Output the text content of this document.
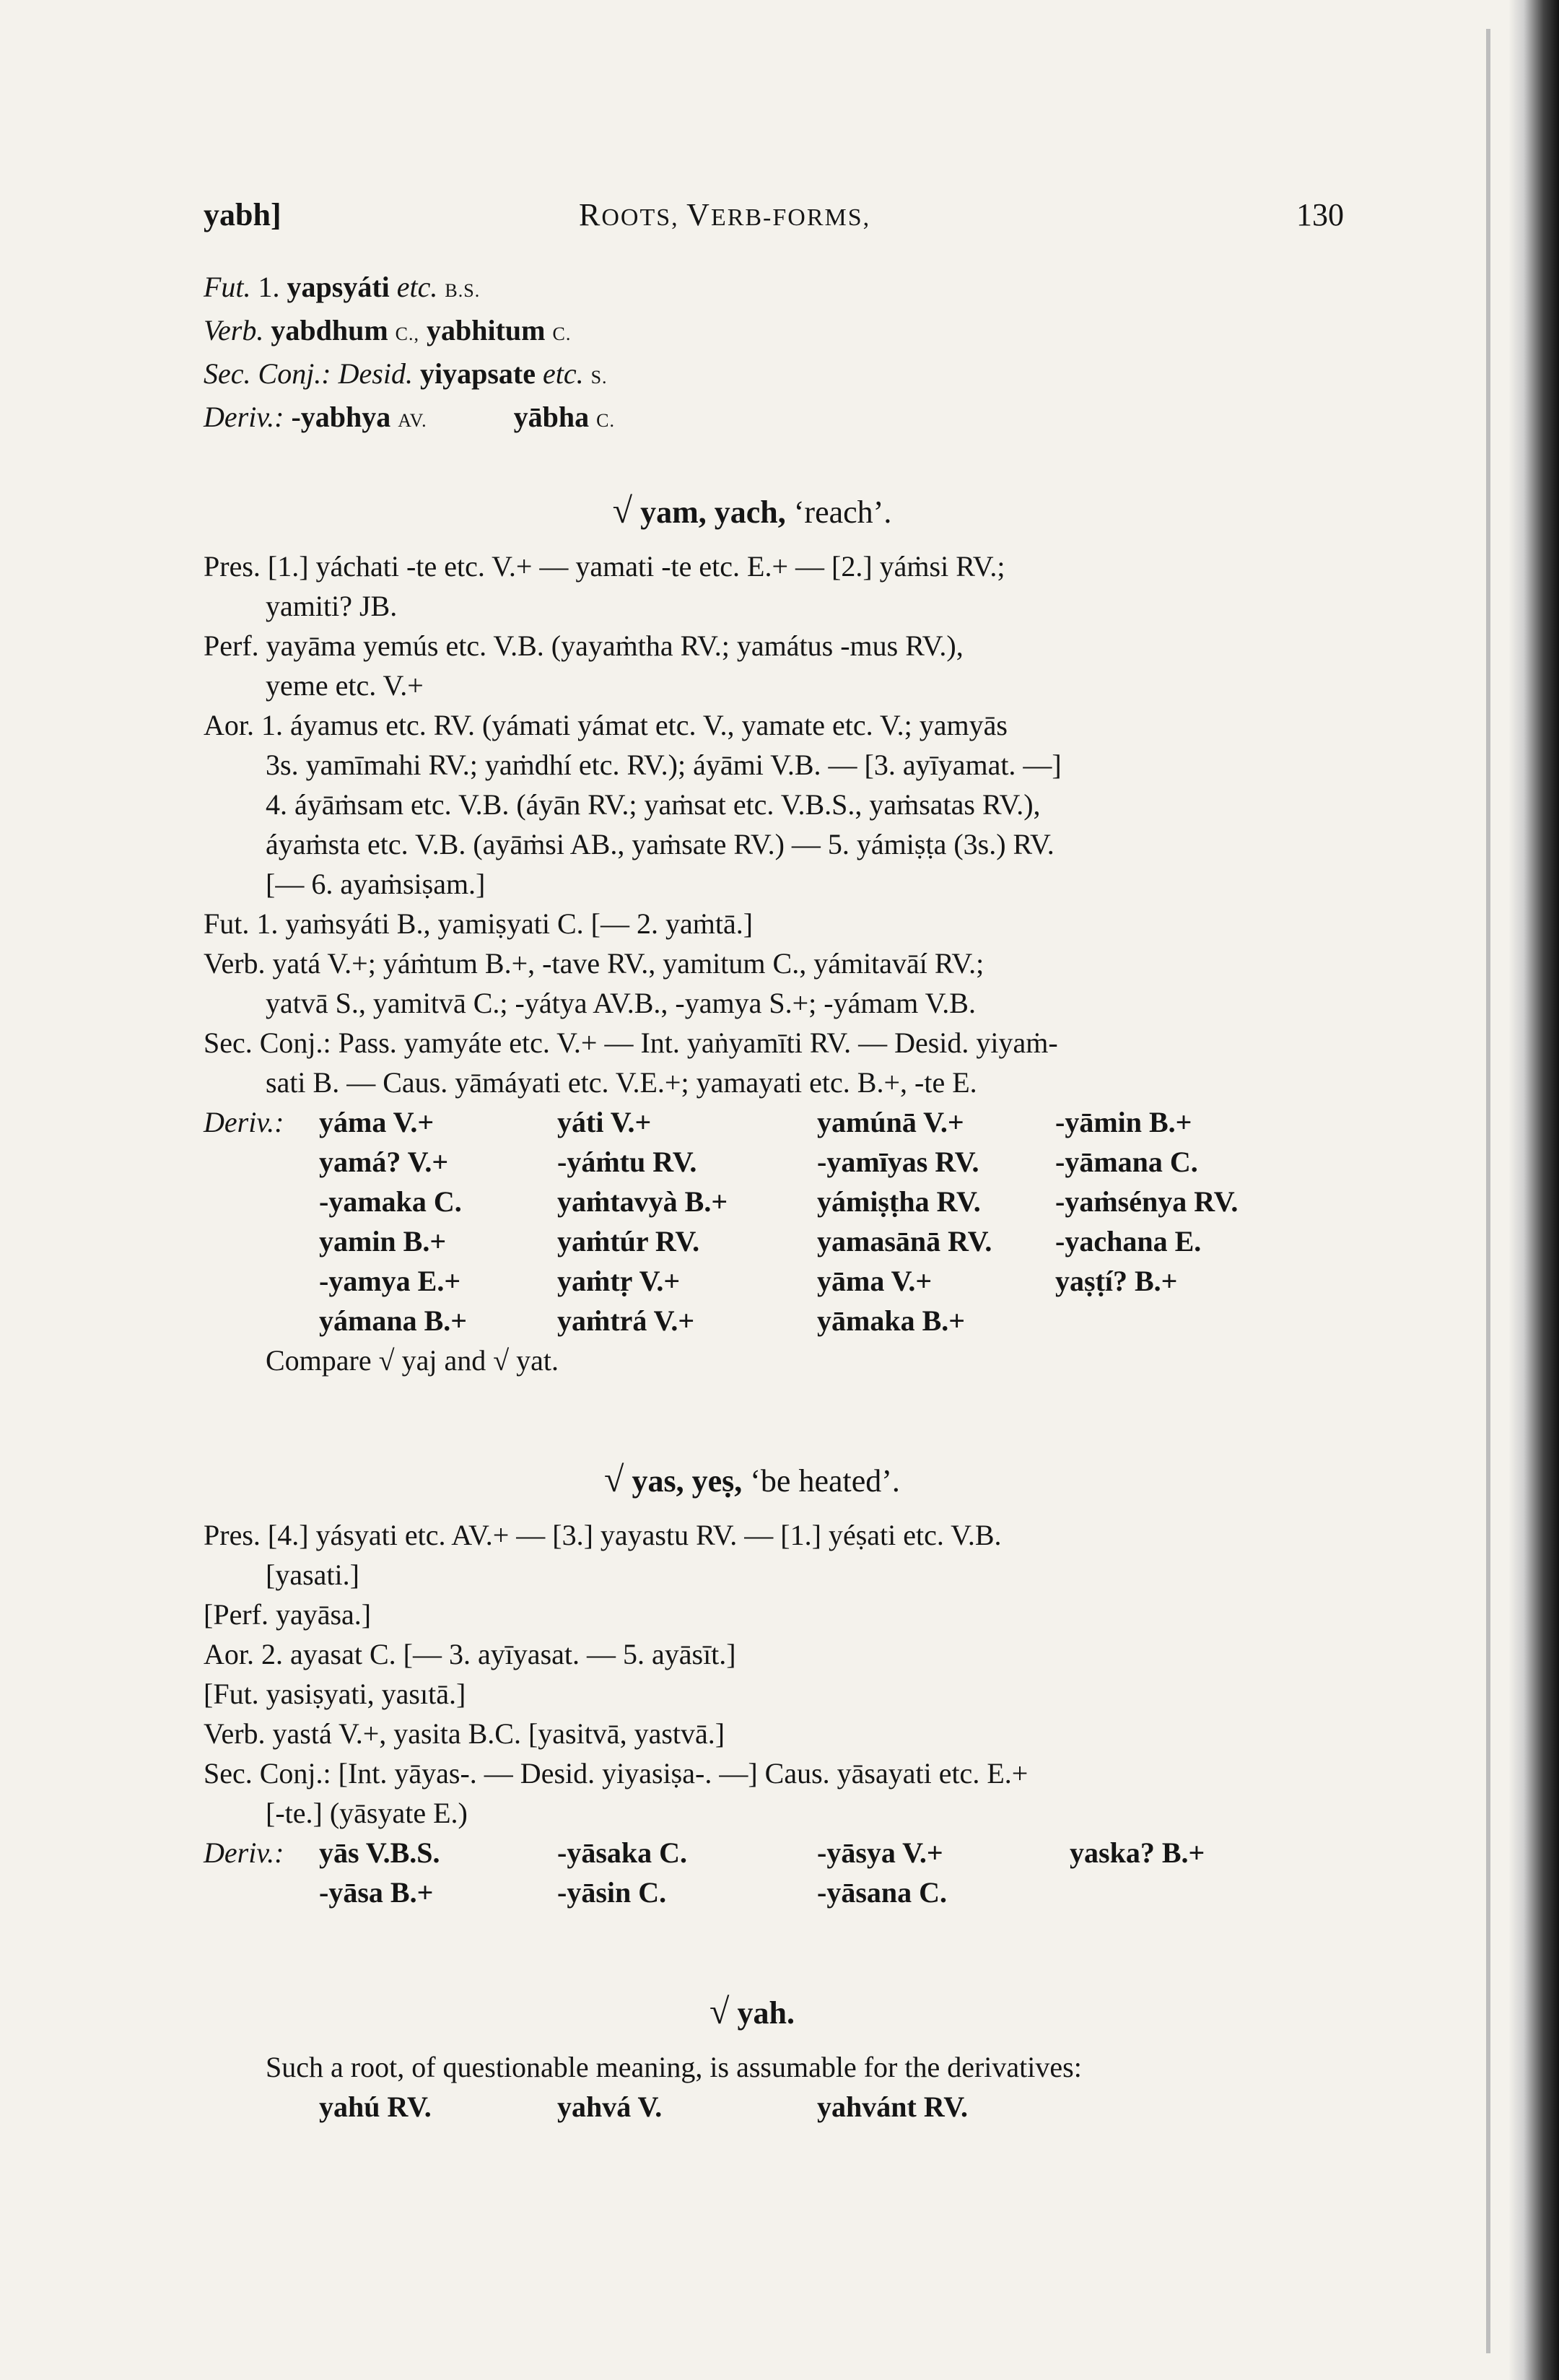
yabh]	ROOTS, VERB-FORMS,	130
Fut. 1. yapsyáti etc. B.S.
Verb. yabdhum C., yabhitum C.
Sec. Conj.: Desid. yiyapsate etc. S.
Deriv.: -yabhya AV.	yābha C.
√ yam, yach, ‘reach’.
Pres. [1.] yáchati -te etc. V.+ — yamati -te etc. E.+ — [2.] yáṁsi RV.;
yamiti? JB.
Perf. yayāma yemús etc. V.B. (yayaṁtha RV.; yamátus -mus RV.),
yeme etc. V.+
Aor. 1. áyamus etc. RV. (yámati yámat etc. V., yamate etc. V.; yamyās
3s. yamīmahi RV.; yaṁdhí etc. RV.); áyāmi V.B. — [3. ayīyamat. —]
4. áyāṁsam etc. V.B. (áyān RV.; yaṁsat etc. V.B.S., yaṁsatas RV.),
áyaṁsta etc. V.B. (ayāṁsi AB., yaṁsate RV.) — 5. yámiṣṭa (3s.) RV.
[— 6. ayaṁsiṣam.]
Fut. 1. yaṁsyáti B., yamiṣyati C. [— 2. yaṁtā.]
Verb. yatá V.+; yáṁtum B.+, -tave RV., yamitum C., yámitavāí RV.;
yatvā S., yamitvā C.; -yátya AV.B., -yamya S.+; -yámam V.B.
Sec. Conj.: Pass. yamyáte etc. V.+ — Int. yaṅyamīti RV. — Desid. yiyaṁ-
sati B. — Caus. yāmáyati etc. V.E.+; yamayati etc. B.+, -te E.
Deriv.:	yáma V.+	yáti V.+	yamúnā V.+	-yāmin B.+
yamá? V.+	-yáṁtu RV.	-yamīyas RV.	-yāmana C.
-yamaka C.	yaṁtavyà B.+	yámiṣṭha RV.	-yaṁsénya RV.
yamin B.+	yaṁtúr RV.	yamasānā RV.	-yachana E.
-yamya E.+	yaṁtṛ V.+	yāma V.+	yaṣṭí? B.+
yámana B.+	yaṁtrá V.+	yāmaka B.+
Compare √ yaj and √ yat.
√ yas, yeṣ, ‘be heated’.
Pres. [4.] yásyati etc. AV.+ — [3.] yayastu RV. — [1.] yéṣati etc. V.B.
[yasati.]
[Perf. yayāsa.]
Aor. 2. ayasat C. [— 3. ayīyasat. — 5. ayāsīt.]
[Fut. yasiṣyati, yasıtā.]
Verb. yastá V.+, yasita B.C. [yasitvā, yastvā.]
Sec. Conj.: [Int. yāyas-. — Desid. yiyasiṣa-. —] Caus. yāsayati etc. E.+
[-te.] (yāsyate E.)
Deriv.:	yās V.B.S.	-yāsaka C.	-yāsya V.+	yaska? B.+
-yāsa B.+	-yāsin C.	-yāsana C.
√ yah.
Such a root, of questionable meaning, is assumable for the derivatives:
yahú RV.	yahvá V.	yahvánt RV.
